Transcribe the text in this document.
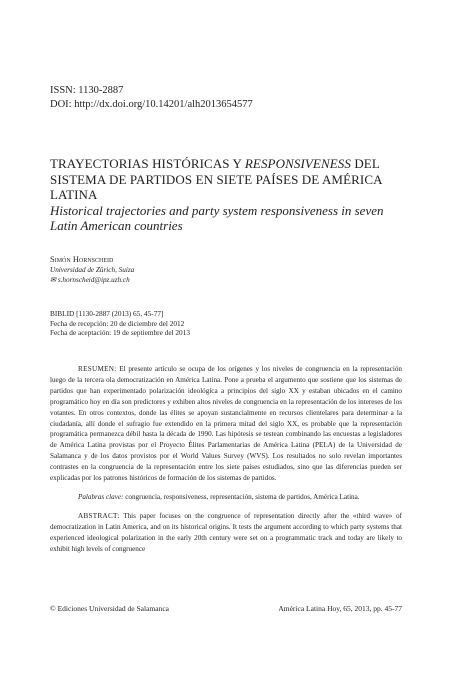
ISSN: 1130-2887
DOI: http://dx.doi.org/10.14201/alh2013654577
TRAYECTORIAS HISTÓRICAS Y RESPONSIVENESS DEL SISTEMA DE PARTIDOS EN SIETE PAÍSES DE AMÉRICA LATINA
Historical trajectories and party system responsiveness in seven Latin American countries
Simón Hornscheid
Universidad de Zürich, Suiza
✉ s.hornscheid@ipz.uzh.ch
BIBLID [1130-2887 (2013) 65, 45-77]
Fecha de recepción: 20 de diciembre del 2012
Fecha de aceptación: 19 de septiembre del 2013

RESUMEN: El presente artículo se ocupa de los orígenes y los niveles de congruencia en la representación luego de la tercera ola democratización en América Latina. Pone a prueba el argumento que sostiene que los sistemas de partidos que han experimentado polarización ideológica a principios del siglo XX y estaban ubicados en el camino programático hoy en día son predictores y exhiben altos niveles de congruencia en la representación de los intereses de los votantes. En otros contextos, donde las élites se apoyan sustancialmente en recursos clientelares para determinar a la ciudadanía, allí donde el sufragio fue extendido en la primera mitad del siglo XX, es probable que la representación programática permanezca débil hasta la década de 1990. Las hipótesis se testean combinando las encuestas a legisladores de América Latina provistas por el Proyecto Élites Parlamentarias de América Latina (PELA) de la Universidad de Salamanca y de los datos provistos por el World Values Survey (WVS). Los resultados no solo revelan importantes contrastes en la congruencia de la representación entre los siete países estudiados, sino que las diferencias pueden ser explicadas por los patrones históricos de formación de los sistemas de partidos.

Palabras clave: congruencia, responsiveness, representación, sistema de partidos, América Latina.

ABSTRACT: This paper focuses on the congruence of representation directly after the «third wave» of democratization in Latin America, and on its historical origins. It tests the argument according to which party systems that experienced ideological polarization in the early 20th century were set on a programmatic track and today are likely to exhibit high levels of congruence

© Ediciones Universidad de Salamanca	América Latina Hoy, 65, 2013, pp. 45-77
